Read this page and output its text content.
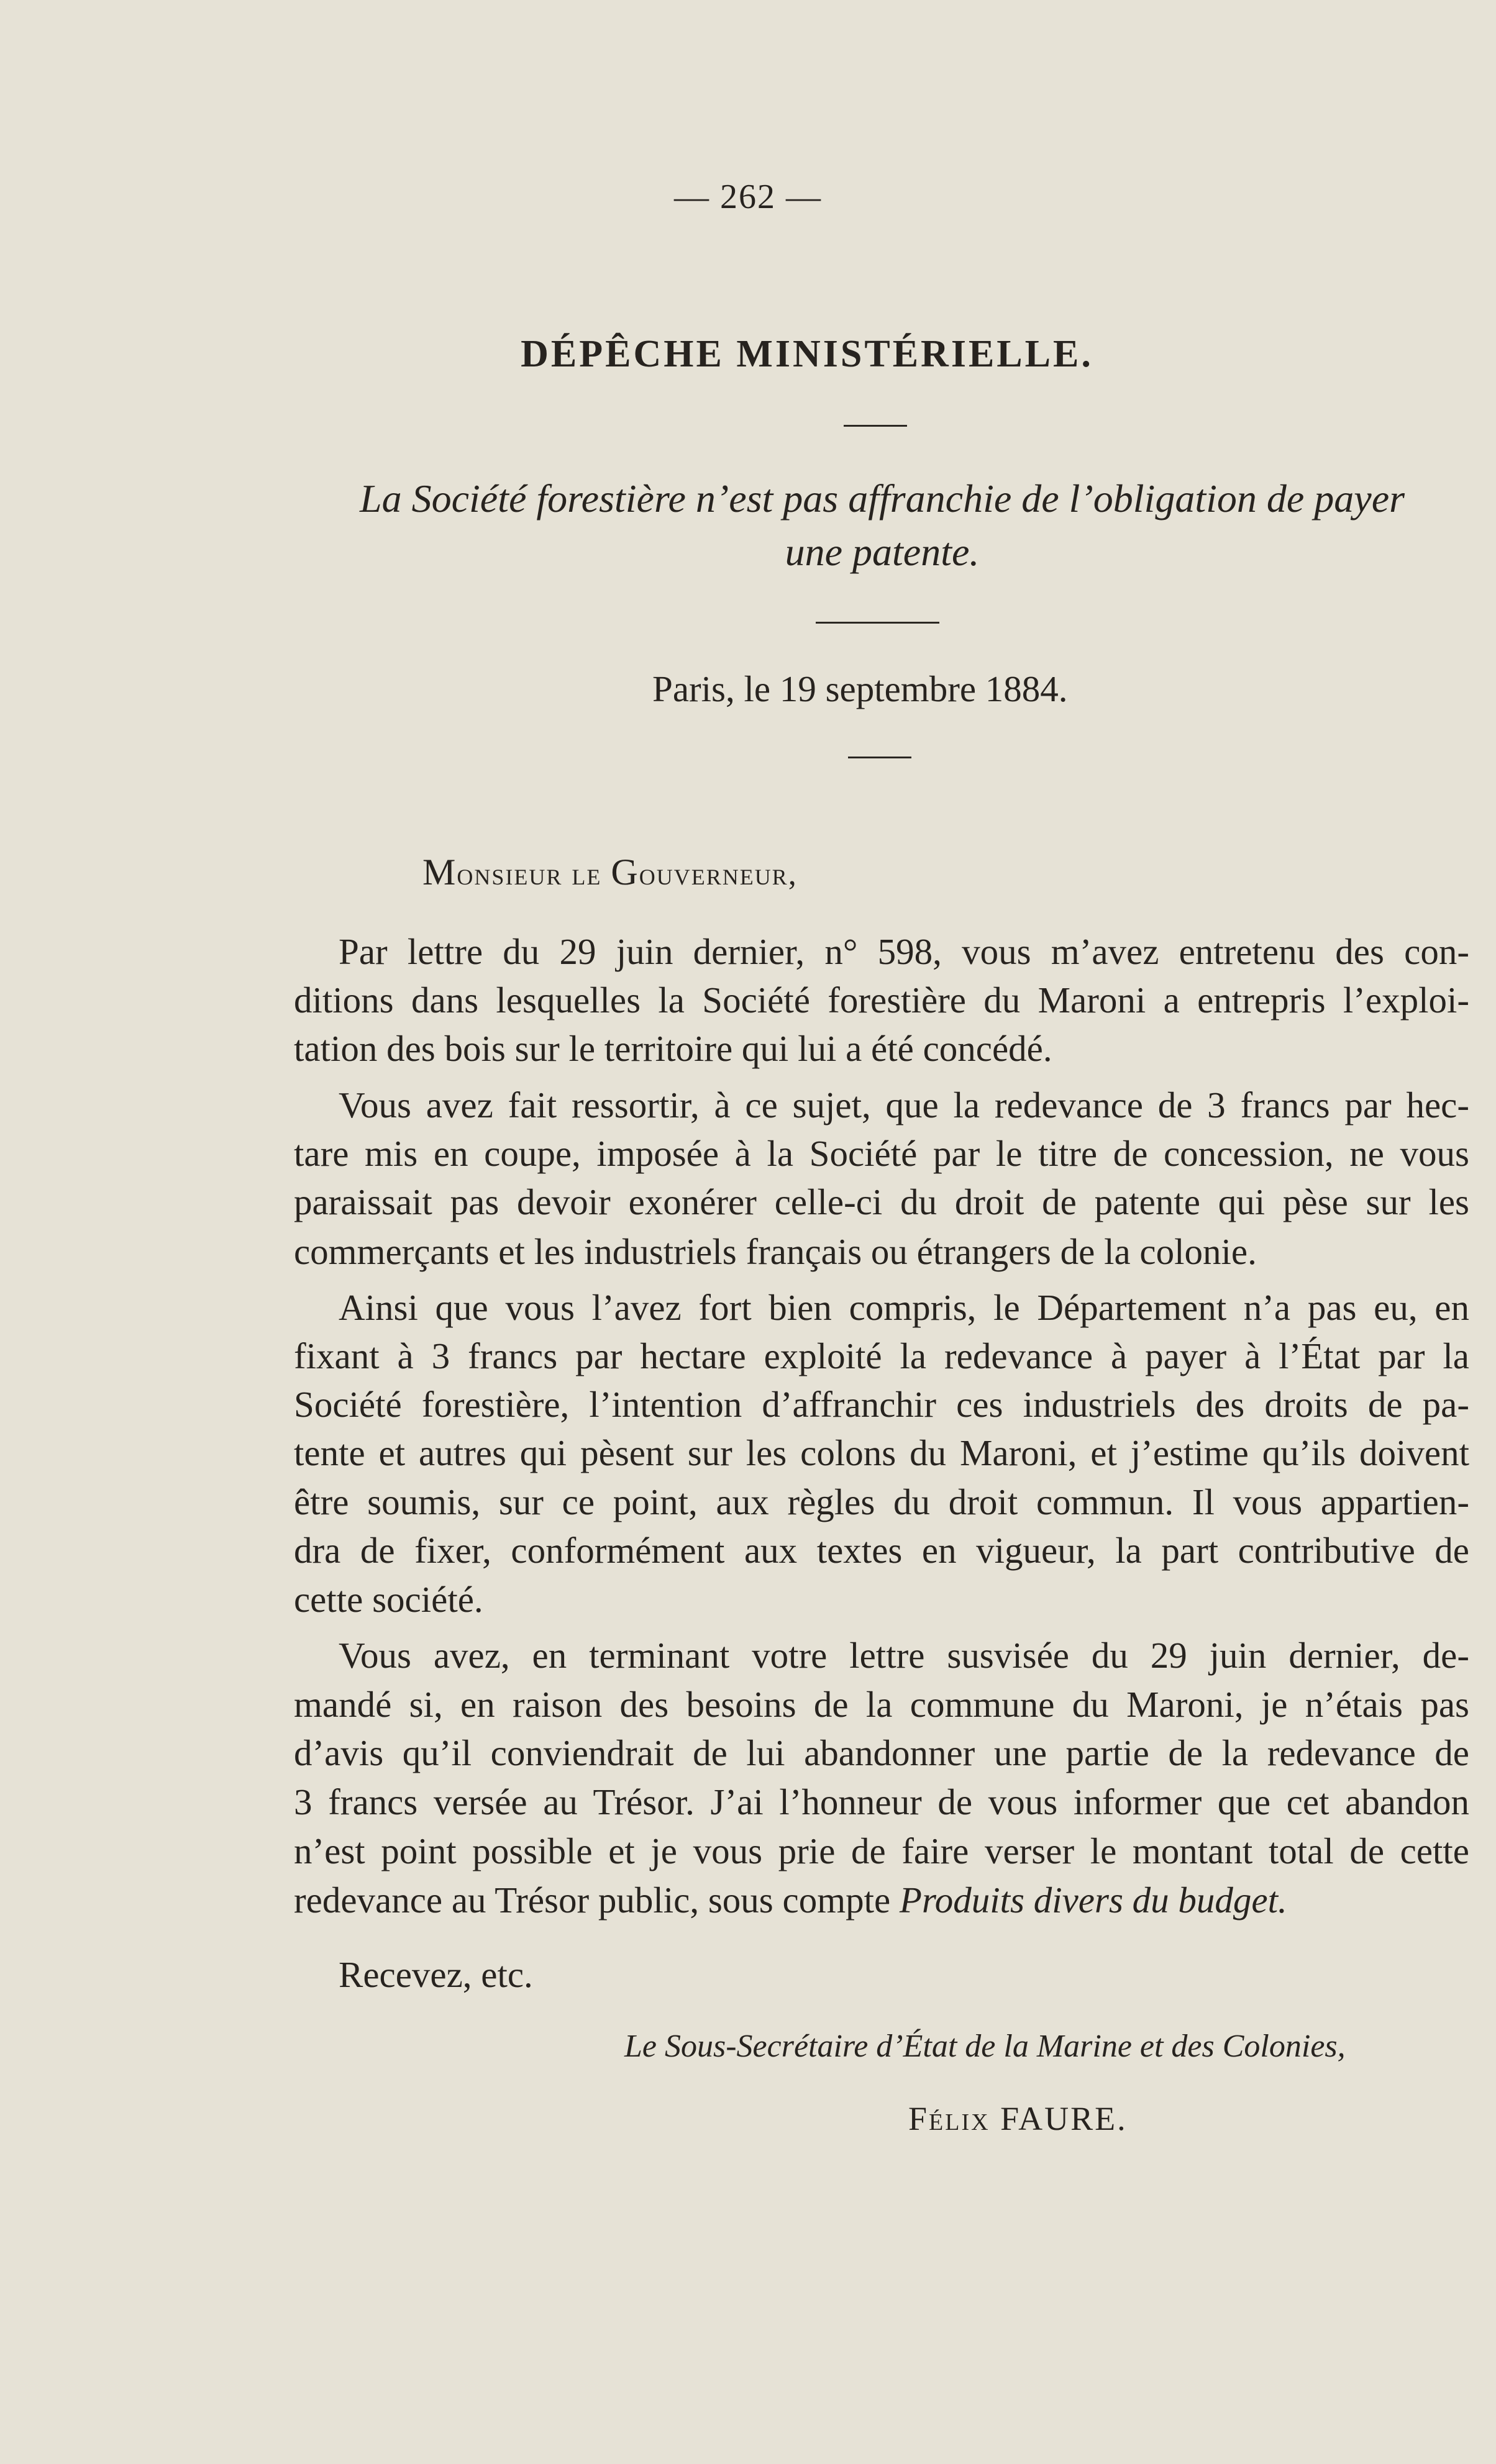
— 262 —
DÉPÊCHE MINISTÉRIELLE.
La Société forestière n’est pas affranchie de l’obligation de payer une patente.
Paris, le 19 septembre 1884.
Monsieur le Gouverneur,
Par lettre du 29 juin dernier, n° 598, vous m’avez entretenu des con-
ditions dans lesquelles la Société forestière du Maroni a entrepris l’exploi-
tation des bois sur le territoire qui lui a été concédé.
Vous avez fait ressortir, à ce sujet, que la redevance de 3 francs par hec-
tare mis en coupe, imposée à la Société par le titre de concession, ne vous
paraissait pas devoir exonérer celle-ci du droit de patente qui pèse sur les
commerçants et les industriels français ou étrangers de la colonie.
Ainsi que vous l’avez fort bien compris, le Département n’a pas eu, en
fixant à 3 francs par hectare exploité la redevance à payer à l’État par la
Société forestière, l’intention d’affranchir ces industriels des droits de pa-
tente et autres qui pèsent sur les colons du Maroni, et j’estime qu’ils doivent
être soumis, sur ce point, aux règles du droit commun. Il vous appartien-
dra de fixer, conformément aux textes en vigueur, la part contributive de
cette société.
Vous avez, en terminant votre lettre susvisée du 29 juin dernier, de-
mandé si, en raison des besoins de la commune du Maroni, je n’étais pas
d’avis qu’il conviendrait de lui abandonner une partie de la redevance de
3 francs versée au Trésor. J’ai l’honneur de vous informer que cet abandon
n’est point possible et je vous prie de faire verser le montant total de cette
redevance au Trésor public, sous compte Produits divers du budget.
Recevez, etc.
Le Sous-Secrétaire d’État de la Marine et des Colonies,
Félix FAURE.
